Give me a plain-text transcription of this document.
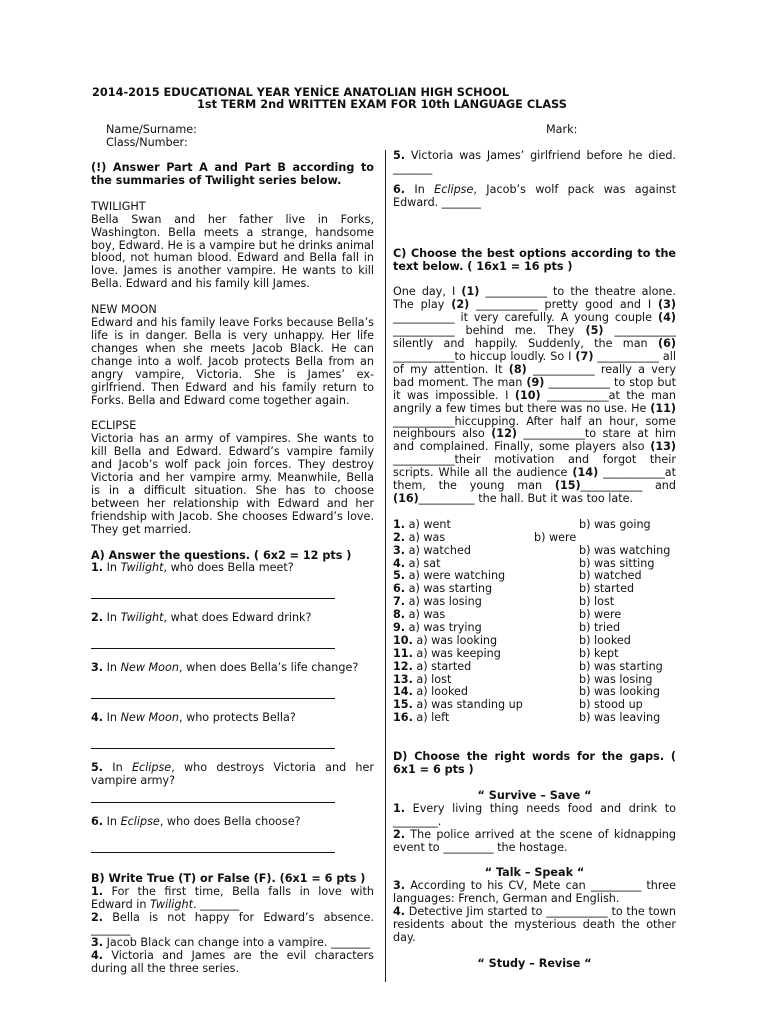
2014-2015 EDUCATIONAL YEAR YENİCE ANATOLIAN HIGH SCHOOL
1st TERM 2nd WRITTEN EXAM FOR 10th LANGUAGE CLASS
Name/Surname:
Class/Number:
Mark:

(!) Answer Part A and Part B according to the summaries of Twilight series below.

TWILIGHT

Bella Swan and her father live in Forks, Washington. Bella meets a strange, handsome boy, Edward. He is a vampire but he drinks animal blood, not human blood. Edward and Bella fall in love. James is another vampire. He wants to kill Bella. Edward and his family kill James.

NEW MOON

Edward and his family leave Forks because Bella’s life is in danger. Bella is very unhappy. Her life changes when she meets Jacob Black. He can change into a wolf. Jacob protects Bella from an angry vampire, Victoria. She is James’ ex-girlfriend. Then Edward and his family return to Forks. Bella and Edward come together again.

ECLIPSE

Victoria has an army of vampires. She wants to kill Bella and Edward. Edward’s vampire family and Jacob’s wolf pack join forces. They destroy Victoria and her vampire army. Meanwhile, Bella is in a difficult situation. She has to choose between her relationship with Edward and her friendship with Jacob. She chooses Edward’s love. They get married.

A) Answer the questions. ( 6x2 = 12 pts )

1. In Twilight, who does Bella meet?

2. In Twilight, what does Edward drink?

3. In New Moon, when does Bella’s life change?

4. In New Moon, who protects Bella?

5. In Eclipse, who destroys Victoria and her vampire army?

6. In Eclipse, who does Bella choose?

B) Write True (T) or False (F). (6x1 = 6 pts )

1. For the first time, Bella falls in love with Edward in Twilight. _______

2. Bella is not happy for Edward’s absence. _______

3. Jacob Black can change into a vampire. _______

4. Victoria and James are the evil characters during all the three series.

5. Victoria was James’ girlfriend before he died. _______

6. In Eclipse, Jacob’s wolf pack was against Edward. _______

C) Choose the best options according to the text below. ( 16x1 = 16 pts )

One day, I (1) ___________ to the theatre alone. The play (2) ___________ pretty good and I (3) ___________ it very carefully. A young couple (4) ___________ behind me. They (5) ___________ silently and happily. Suddenly, the man (6) ___________to hiccup loudly. So I (7) ___________ all of my attention. It (8) ___________ really a very bad moment. The man (9) ___________ to stop but it was impossible. I (10) ___________at the man angrily a few times but there was no use. He (11) ___________hiccupping. After half an hour, some neighbours also (12) ___________to stare at him and complained. Finally, some players also (13) ___________their motivation and forgot their scripts. While all the audience (14) ___________at them, the young man (15)___________ and (16)__________ the hall. But it was too late.

1. a) went	b) was going
2. a) was	b) were
3. a) watched	b) was watching
4. a) sat	b) was sitting
5. a) were watching	b) watched
6. a) was starting	b) started
7. a) was losing	b) lost
8. a) was	b) were
9. a) was trying	b) tried
10. a) was looking	b) looked
11. a) was keeping	b) kept
12. a) started	b) was starting
13. a) lost	b) was losing
14. a) looked	b) was looking
15. a) was standing up	b) stood up
16. a) left	b) was leaving

D) Choose the right words for the gaps. ( 6x1 = 6 pts )

“ Survive – Save “

1. Every living thing needs food and drink to ________.

2. The police arrived at the scene of kidnapping event to _________ the hostage.

“ Talk – Speak “

3. According to his CV, Mete can _________ three languages: French, German and English.

4. Detective Jim started to ___________ to the town residents about the mysterious death the other day.

“ Study – Revise “
